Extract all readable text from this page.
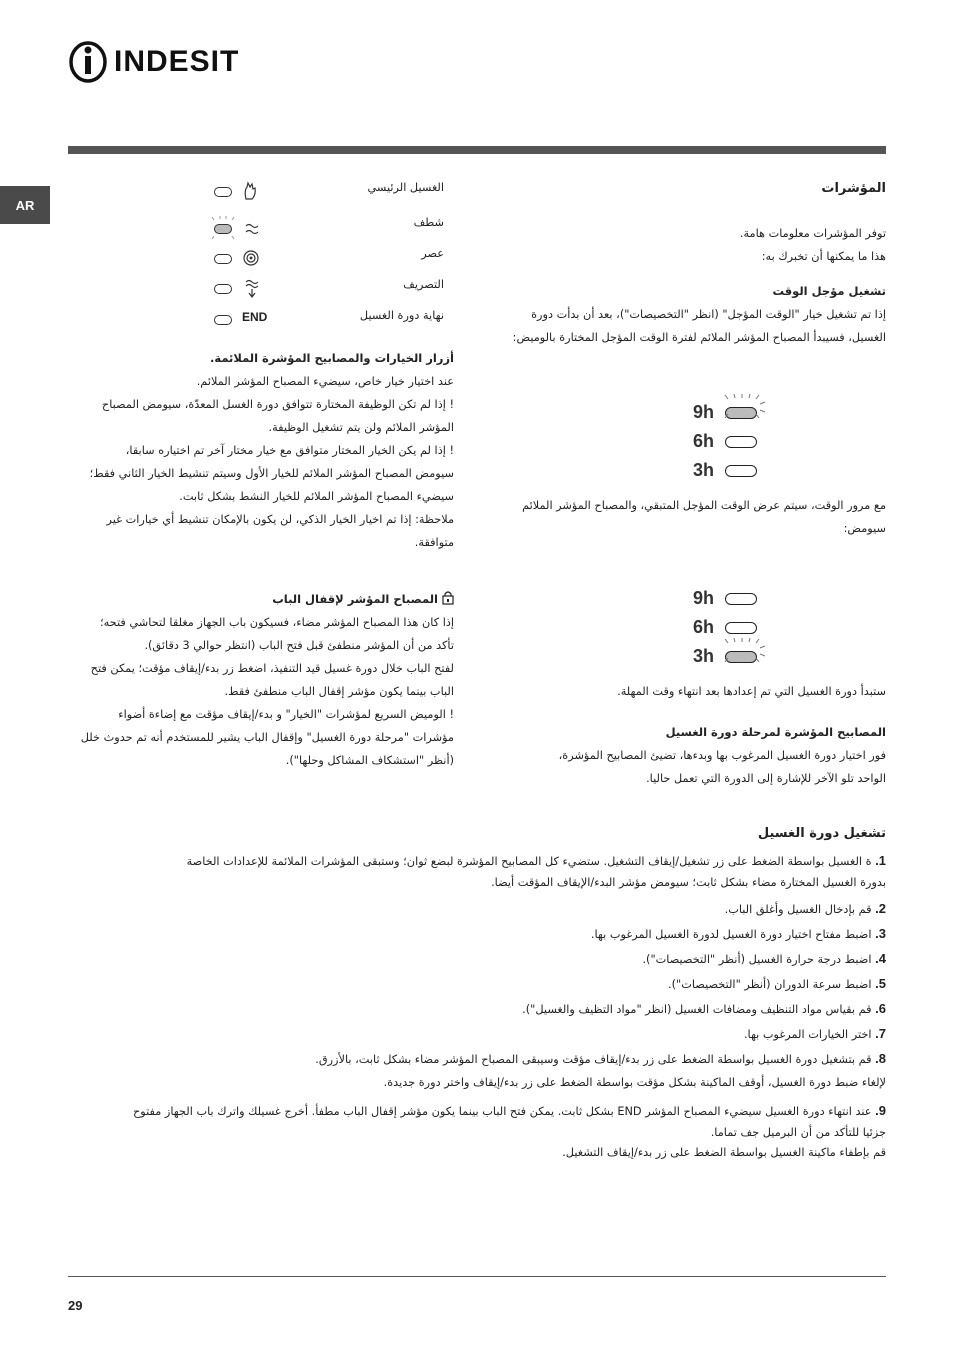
INDESIT
AR

المؤشرات

توفر المؤشرات معلومات هامة.

هذا ما يمكنها أن تخبرك به:

تشغيل مؤجل الوقت

إذا تم تشغيل خيار "الوقت المؤجل" (انظر "التخصيصات")، بعد أن بدأت دورة

الغسيل، فسيبدأ المصباح المؤشر الملائم لفترة الوقت المؤجل المختارة بالوميض:

9h
6h
3h

مع مرور الوقت، سيتم عرض الوقت المؤجل المتبقي، والمصباح المؤشر الملائم

سيومض:

9h
6h
3h

ستبدأ دورة الغسيل التي تم إعدادها بعد انتهاء وقت المهلة.

المصابيح المؤشرة لمرحلة دورة الغسيل

فور اختيار دورة الغسيل المرغوب بها وبدءها، تضيئ المصابيح المؤشرة،

الواحد تلو الآخر للإشارة إلى الدورة التي تعمل حاليا.

الغسيل الرئيسي
شطف
عصر
التصريف
END	نهاية دورة الغسيل

أزرار الخيارات والمصابيح المؤشرة الملائمة.

عند اختيار خيار خاص، سيضيء المصباح المؤشر الملائم.

! إذا لم تكن الوظيفة المختارة تتوافق دورة الغسل المعدّة، سيومض المصباح

المؤشر الملائم ولن يتم تشغيل الوظيفة.

! إذا لم يكن الخيار المختار متوافق مع خيار مختار آخر تم اختياره سابقا،

سيومض المصباح المؤشر الملائم للخيار الأول وسيتم تنشيط الخيار الثاني فقط؛

سيضيء المصباح المؤشر الملائم للخيار النشط بشكل ثابت.

ملاحظة: إذا تم اخيار الخيار الذكي، لن يكون بالإمكان تنشيط أي خيارات غير

متوافقة.

المصباح المؤشر لإقفال الباب

إذا كان هذا المصباح المؤشر مضاء، فسيكون باب الجهاز مغلقا لتحاشي فتحه؛

تأكد من أن المؤشر منطفئ قبل فتح الباب (انتظر حوالي 3 دقائق).

لفتح الباب خلال دورة غسيل قيد التنفيذ، اضغط زر بدء/إيقاف مؤقت؛ يمكن فتح

الباب بينما يكون مؤشر إقفال الباب منطفئ فقط.

! الوميض السريع لمؤشرات "الخيار" و بدء/إيقاف مؤقت مع إضاءة أضواء

مؤشرات "مرحلة دورة الغسيل" وإقفال الباب يشير للمستخدم أنه تم حدوث خلل

(أنظر "استشكاف المشاكل وحلها").

تشغيل دورة الغسيل
1. ة الغسيل بواسطة الضغط على زر تشغيل/إيقاف التشغيل. ستضيء كل المصابيح المؤشرة لبضع ثوان؛ وستبقى المؤشرات الملائمة للإعدادات الخاصة
بدورة الغسيل المختارة مضاء بشكل ثابت؛ سيومض مؤشر البدء/الإيقاف المؤقت أيضا.
2. قم بإدخال الغسيل وأغلق الباب.
3. اضبط مفتاح اختيار دورة الغسيل لدورة الغسيل المرغوب بها.
4. اضبط درجة حرارة الغسيل (أنظر "التخصيصات").
5. اضبط سرعة الدوران (أنظر "التخصيصات").
6. قم بقياس مواد التنظيف ومضافات الغسيل (انظر "مواد التظيف والغسيل").
7. اختر الخيارات المرغوب بها.
8. قم بتشغيل دورة الغسيل بواسطة الضغط على زر بدء/إيقاف مؤقت وسيبقى المصباح المؤشر مضاء بشكل ثابت، بالأزرق.
لإلغاء ضبط دورة الغسيل، أوقف الماكينة بشكل مؤقت بواسطة الضغط على زر بدء/إيقاف واختر دورة جديدة.
9. عند انتهاء دورة الغسيل سيضيء المصباح المؤشر END بشكل ثابت. يمكن فتح الباب بينما يكون مؤشر إقفال الباب مطفأ. أخرج غسيلك واترك باب الجهاز مفتوح
جزئيا للتأكد من أن البرميل جف تماما.
قم بإطفاء ماكينة الغسيل بواسطة الضغط على زر بدء/إيقاف التشغيل.
29
